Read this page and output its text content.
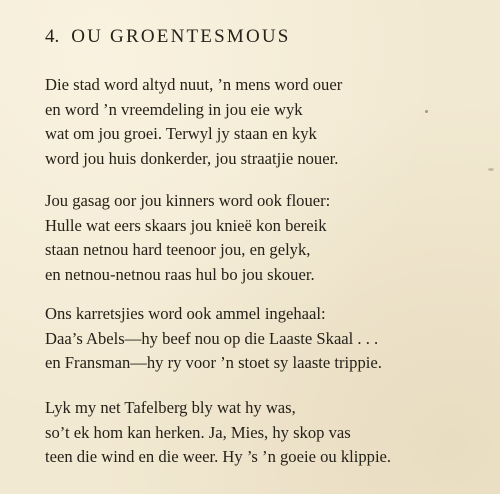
4. OU GROENTESMOUS
Die stad word altyd nuut, ’n mens word ouer
en word ’n vreemdeling in jou eie wyk
wat om jou groei. Terwyl jy staan en kyk
word jou huis donkerder, jou straatjie nouer.
Jou gasag oor jou kinners word ook flouer:
Hulle wat eers skaars jou knieë kon bereik
staan netnou hard teenoor jou, en gelyk,
en netnou-netnou raas hul bo jou skouer.
Ons karretsjies word ook ammel ingehaal:
Daa’s Abels—hy beef nou op die Laaste Skaal . . .
en Fransman—hy ry voor ’n stoet sy laaste trippie.
Lyk my net Tafelberg bly wat hy was,
so’t ek hom kan herken. Ja, Mies, hy skop vas
teen die wind en die weer. Hy ’s ’n goeie ou klippie.
